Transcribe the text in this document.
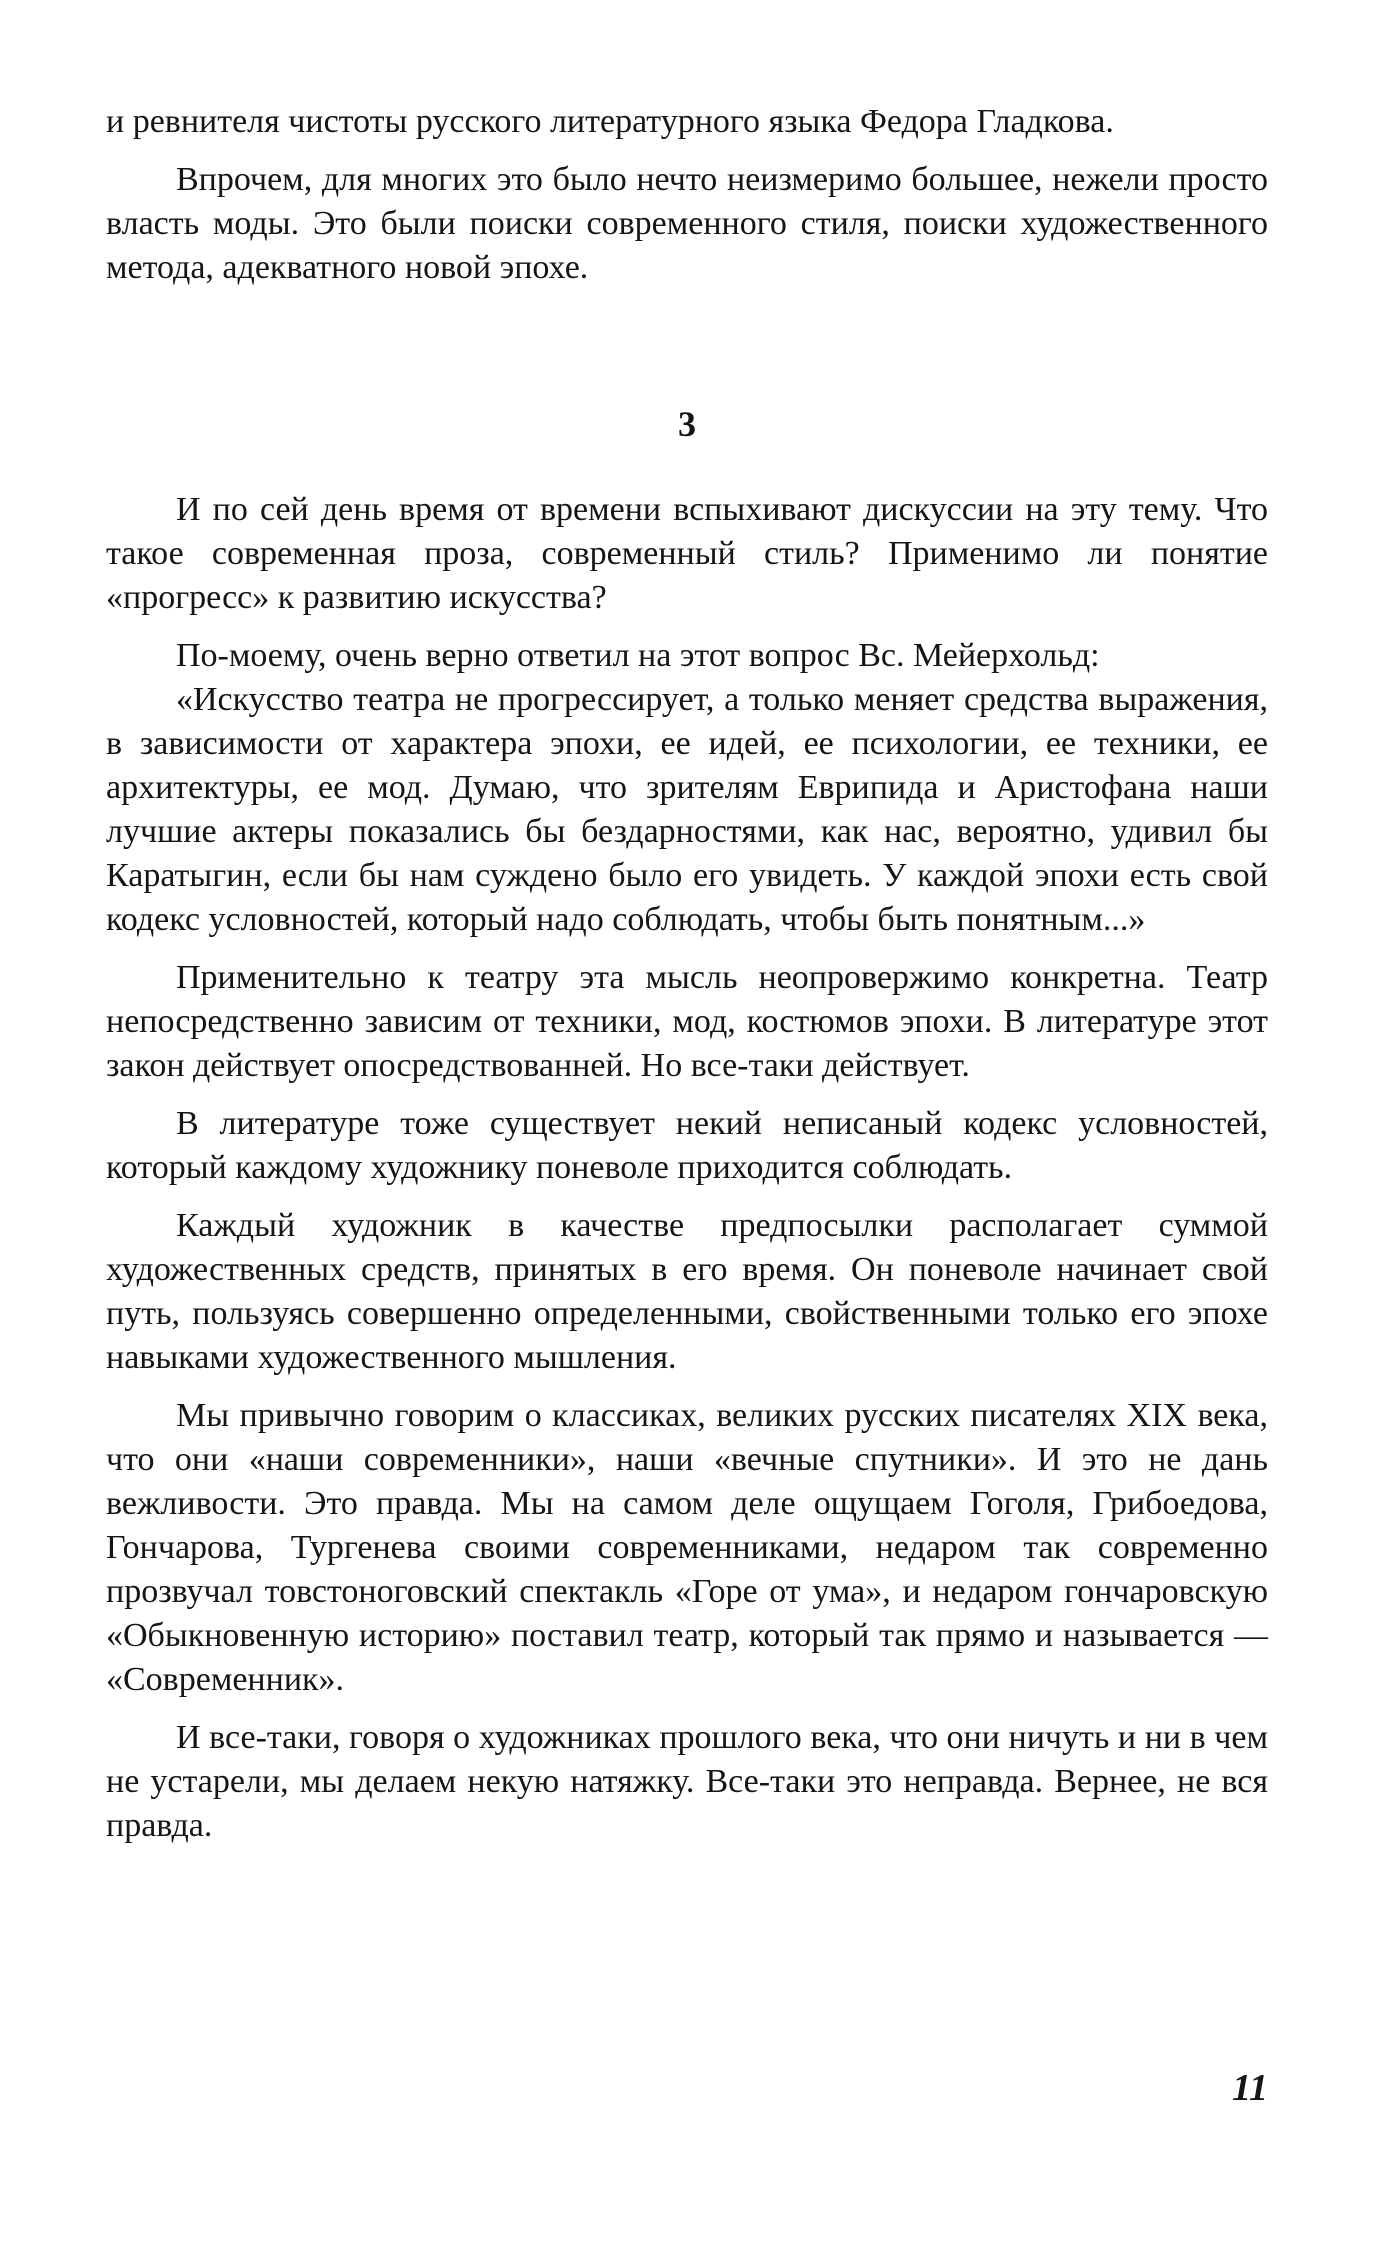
и ревнителя чистоты русского литературного языка Федора Гладкова.

Впрочем, для многих это было нечто неизмеримо большее, нежели просто власть моды. Это были поиски современного стиля, поиски художественного метода, адекватного новой эпохе.

3

И по сей день время от времени вспыхивают дискуссии на эту тему. Что такое современная проза, современный стиль? Применимо ли понятие «прогресс» к развитию искусства?

По-моему, очень верно ответил на этот вопрос Вс. Мейерхольд:

«Искусство театра не прогрессирует, а только меняет средства выражения, в зависимости от характера эпохи, ее идей, ее психологии, ее техники, ее архитектуры, ее мод. Думаю, что зрителям Еврипида и Аристофана наши лучшие актеры показались бы бездарностями, как нас, вероятно, удивил бы Каратыгин, если бы нам суждено было его увидеть. У каждой эпохи есть свой кодекс условностей, который надо соблюдать, чтобы быть понятным...»

Применительно к театру эта мысль неопровержимо конкретна. Театр непосредственно зависим от техники, мод, костюмов эпохи. В литературе этот закон действует опосредствованней. Но все-таки действует.

В литературе тоже существует некий неписаный кодекс условностей, который каждому художнику поневоле приходится соблюдать.

Каждый художник в качестве предпосылки располагает суммой художественных средств, принятых в его время. Он поневоле начинает свой путь, пользуясь совершенно определенными, свойственными только его эпохе навыками художественного мышления.

Мы привычно говорим о классиках, великих русских писателях XIX века, что они «наши современники», наши «вечные спутники». И это не дань вежливости. Это правда. Мы на самом деле ощущаем Гоголя, Грибоедова, Гончарова, Тургенева своими современниками, недаром так современно прозвучал товстоноговский спектакль «Горе от ума», и недаром гончаровскую «Обыкновенную историю» поставил театр, который так прямо и называется — «Современник».

И все-таки, говоря о художниках прошлого века, что они ничуть и ни в чем не устарели, мы делаем некую натяжку. Все-таки это неправда. Вернее, не вся правда.

11
